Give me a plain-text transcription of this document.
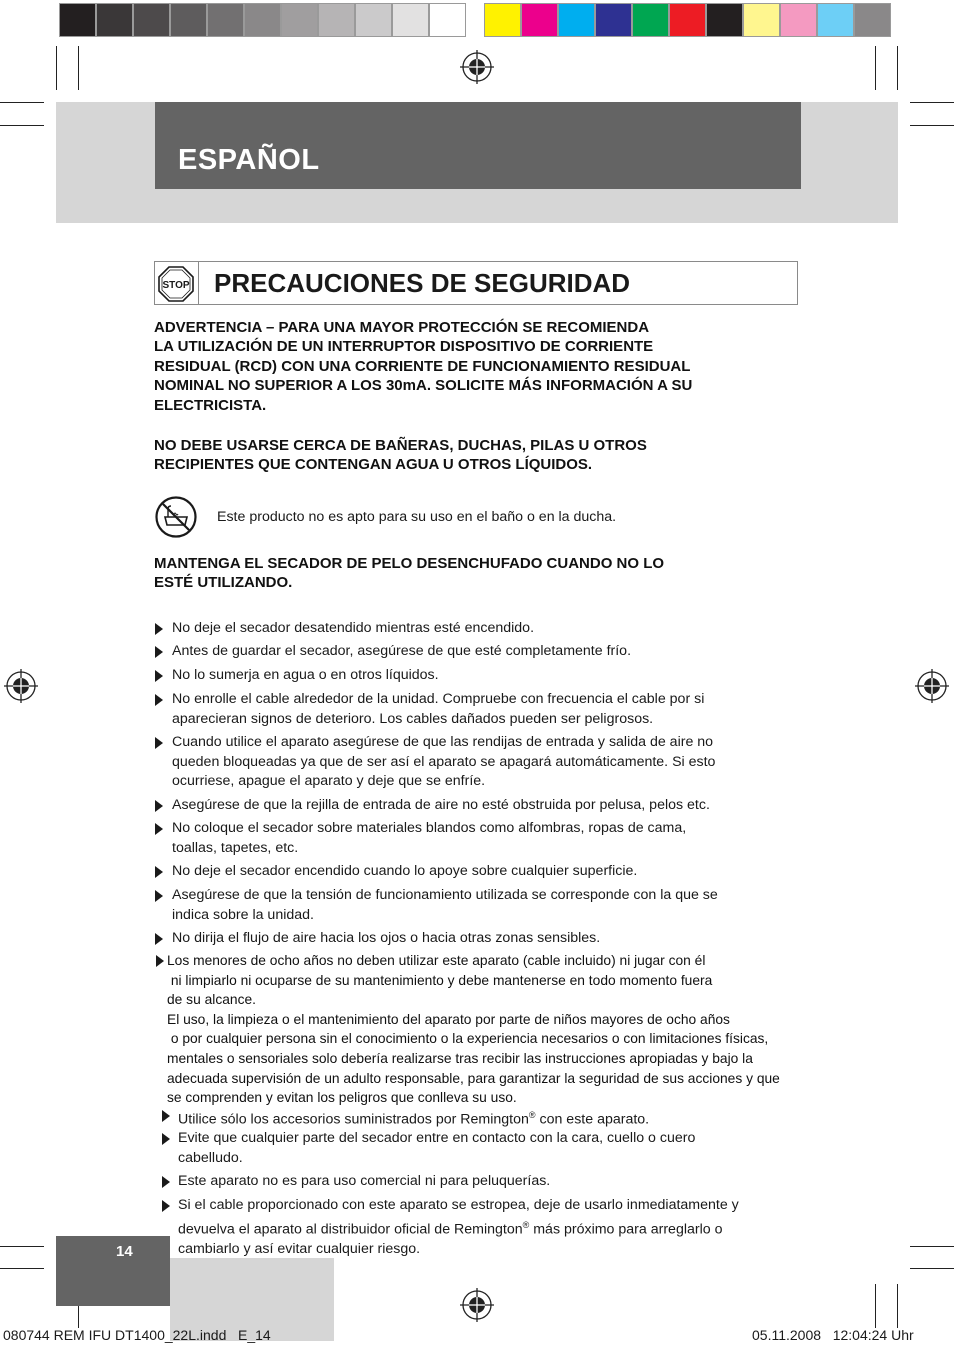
ESPAÑOL
STOP PRECAUCIONES DE SEGURIDAD
ADVERTENCIA – PARA UNA MAYOR PROTECCIÓN SE RECOMIENDA
LA UTILIZACIÓN DE UN INTERRUPTOR DISPOSITIVO DE CORRIENTE
RESIDUAL (RCD) CON UNA CORRIENTE DE FUNCIONAMIENTO RESIDUAL
NOMINAL NO SUPERIOR A LOS 30mA. SOLICITE MÁS INFORMACIÓN A SU
ELECTRICISTA.
NO DEBE USARSE CERCA DE BAÑERAS, DUCHAS, PILAS U OTROS
RECIPIENTES QUE CONTENGAN AGUA U OTROS LÍQUIDOS.
Este producto no es apto para su uso en el baño o en la ducha.
MANTENGA EL SECADOR DE PELO DESENCHUFADO CUANDO NO LO
ESTÉ UTILIZANDO.
No deje el secador desatendido mientras esté encendido.
Antes de guardar el secador, asegúrese de que esté completamente frío.
No lo sumerja en agua o en otros líquidos.
No enrolle el cable alrededor de la unidad. Compruebe con frecuencia el cable por si
aparecieran signos de deterioro. Los cables dañados pueden ser peligrosos.
Cuando utilice el aparato asegúrese de que las rendijas de entrada y salida de aire no
queden bloqueadas ya que de ser así el aparato se apagará automáticamente. Si esto
ocurriese, apague el aparato y deje que se enfríe.
Asegúrese de que la rejilla de entrada de aire no esté obstruida por pelusa, pelos etc.
No coloque el secador sobre materiales blandos como alfombras, ropas de cama,
toallas, tapetes, etc.
No deje el secador encendido cuando lo apoye sobre cualquier superficie.
Asegúrese de que la tensión de funcionamiento utilizada se corresponde con la que se
indica sobre la unidad.
No dirija el flujo de aire hacia los ojos o hacia otras zonas sensibles.
Los menores de ocho años no deben utilizar este aparato (cable incluido) ni jugar con él
ni limpiarlo ni ocuparse de su mantenimiento y debe mantenerse en todo momento fuera
de su alcance.
El uso, la limpieza o el mantenimiento del aparato por parte de niños mayores de ocho años
o por cualquier persona sin el conocimiento o la experiencia necesarios o con limitaciones físicas,
mentales o sensoriales solo debería realizarse tras recibir las instrucciones apropiadas y bajo la
adecuada supervisión de un adulto responsable, para garantizar la seguridad de sus acciones y que
se comprenden y evitan los peligros que conlleva su uso.
Utilice sólo los accesorios suministrados por Remington® con este aparato.
Evite que cualquier parte del secador entre en contacto con la cara, cuello o cuero
cabelludo.
Este aparato no es para uso comercial ni para peluquerías.
Si el cable proporcionado con este aparato se estropea, deje de usarlo inmediatamente y
devuelva el aparato al distribuidor oficial de Remington® más próximo para arreglarlo o
cambiarlo y así evitar cualquier riesgo.
14
080744 REM IFU DT1400_22L.indd   E_14	05.11.2008   12:04:24 Uhr
